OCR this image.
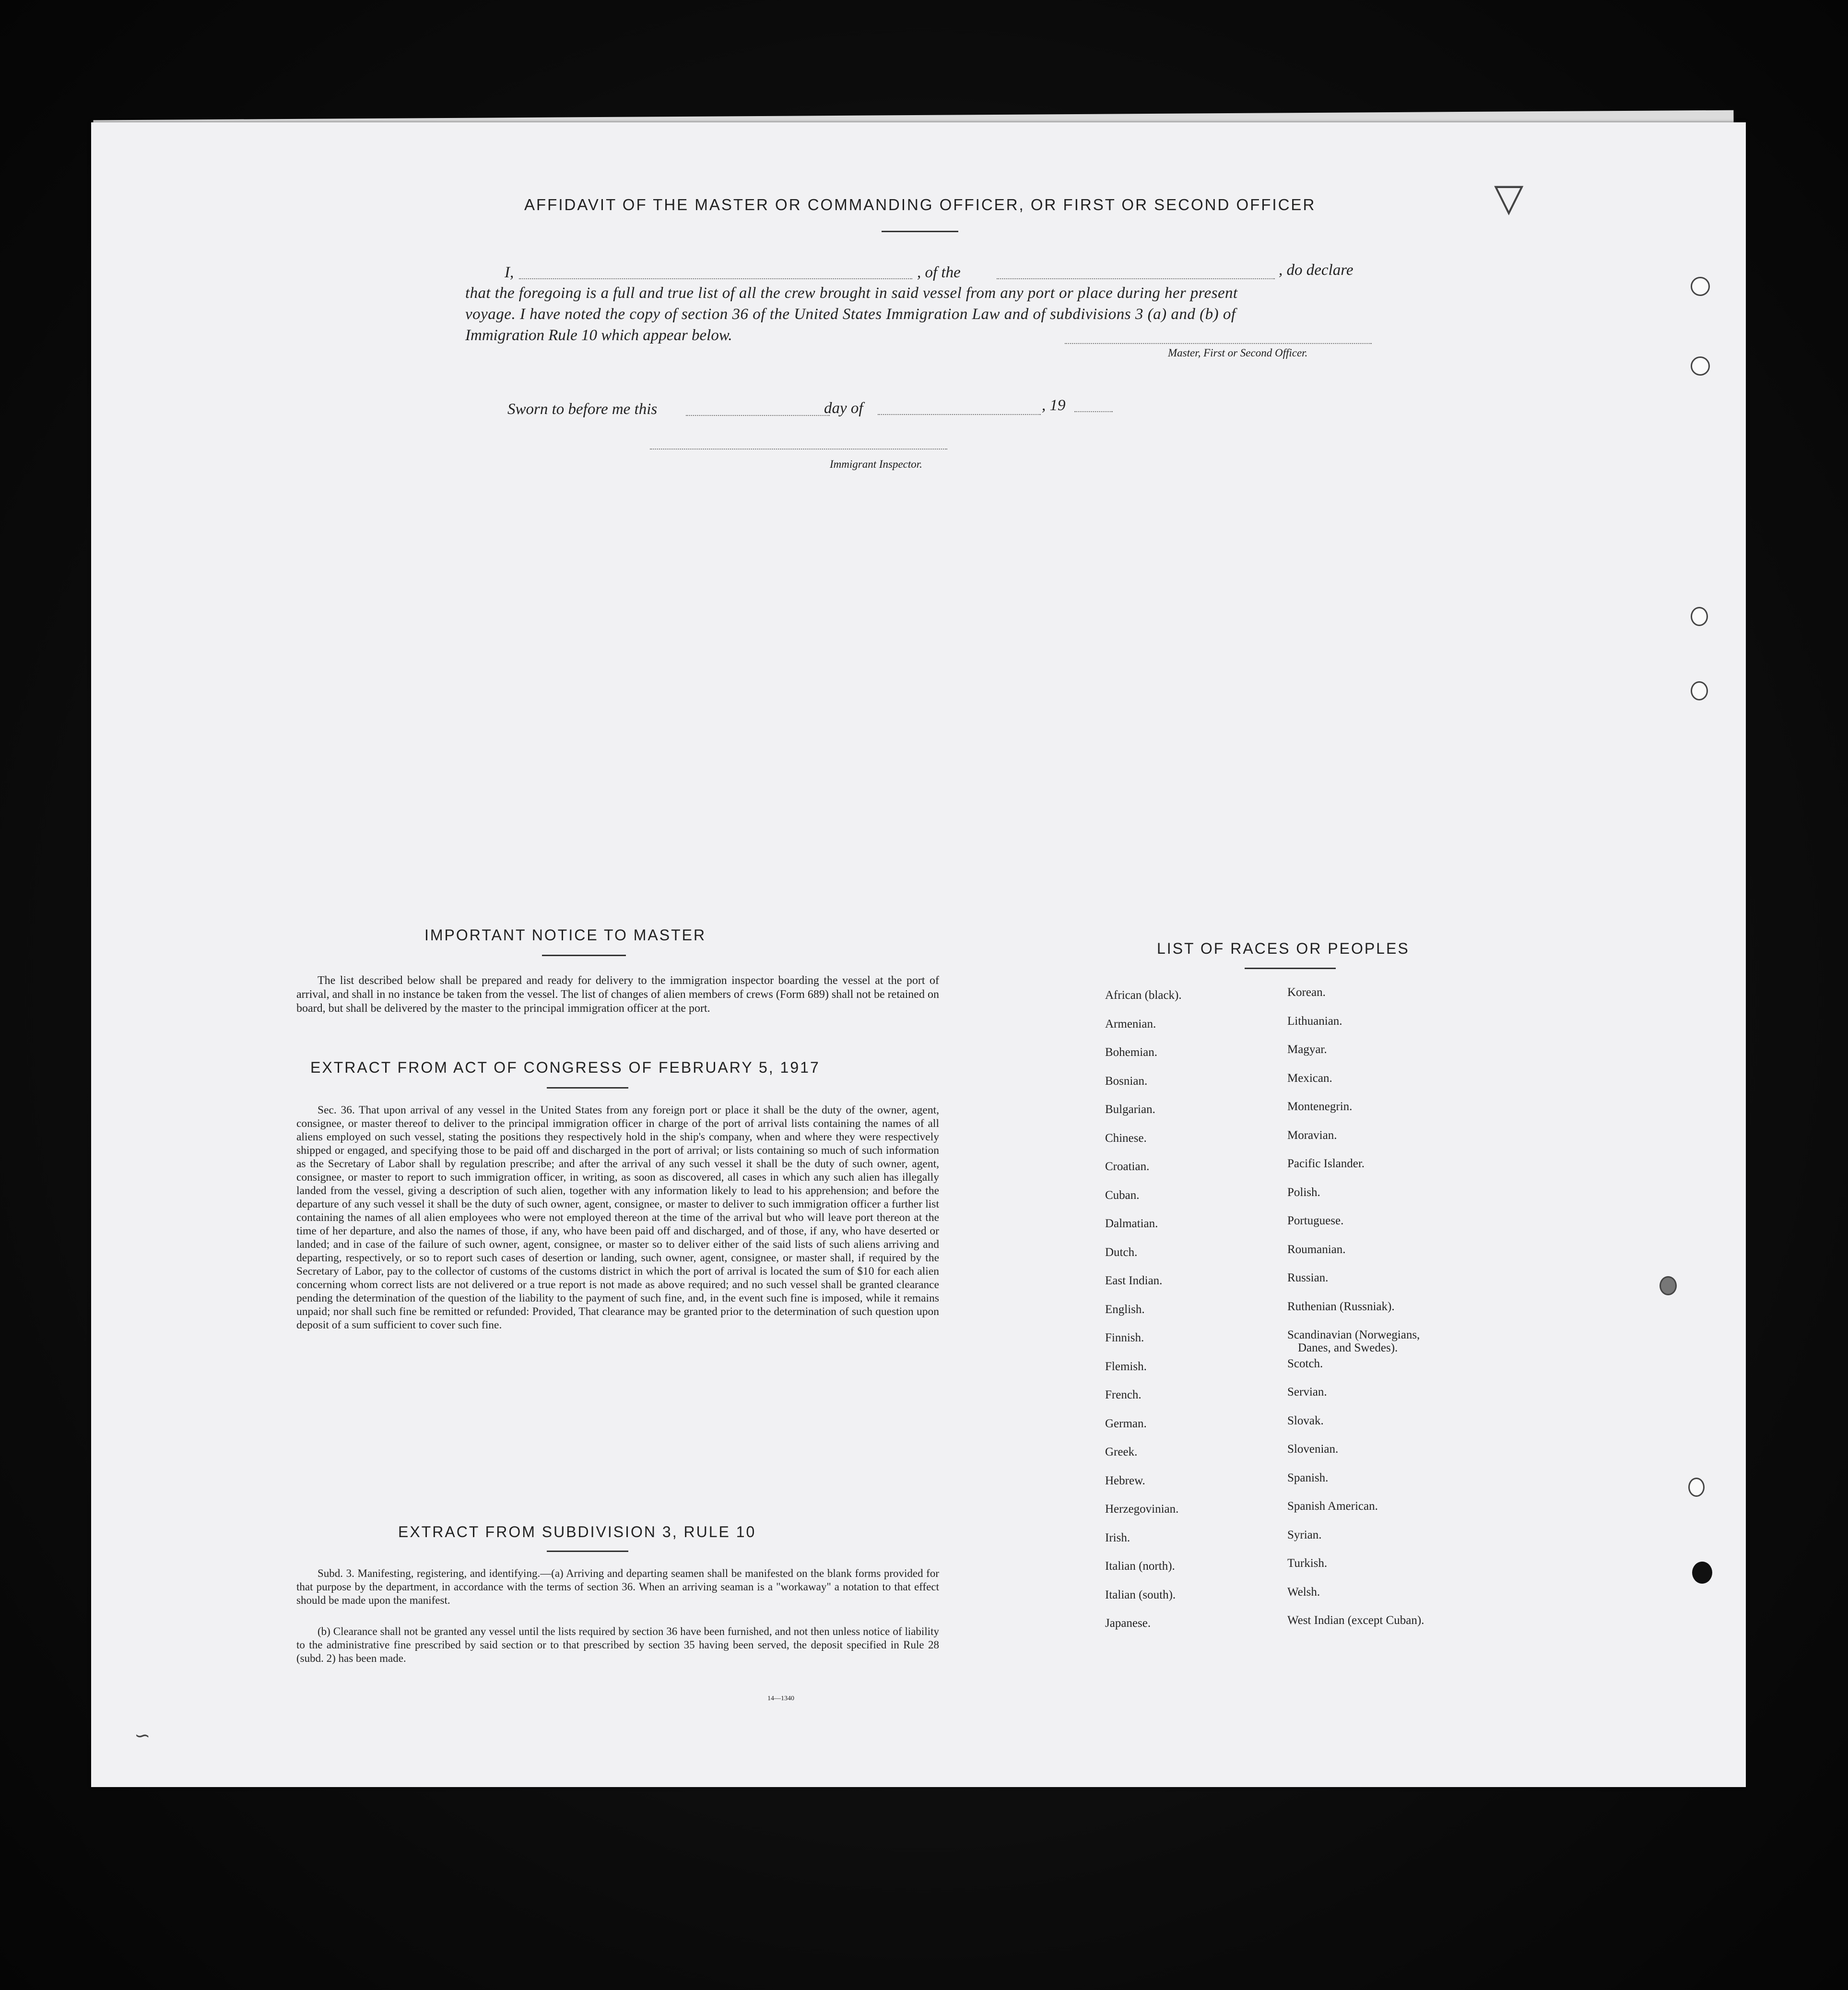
AFFIDAVIT OF THE MASTER OR COMMANDING OFFICER, OR FIRST OR SECOND OFFICER
I,	, of the	, do declare
that the foregoing is a full and true list of all the crew brought in said vessel from any port or place during her present
voyage. I have noted the copy of section 36 of the United States Immigration Law and of subdivisions 3 (a) and (b) of
Immigration Rule 10 which appear below.
Master, First or Second Officer.
Sworn to before me this	day of	, 19
Immigrant Inspector.
IMPORTANT NOTICE TO MASTER
The list described below shall be prepared and ready for delivery to the immigration inspector boarding the vessel at the port of arrival, and shall in no instance be taken from the vessel. The list of changes of alien members of crews (Form 689) shall not be retained on board, but shall be delivered by the master to the principal immigration officer at the port.
EXTRACT FROM ACT OF CONGRESS OF FEBRUARY 5, 1917
Sec. 36. That upon arrival of any vessel in the United States from any foreign port or place it shall be the duty of the owner, agent, consignee, or master thereof to deliver to the principal immigration officer in charge of the port of arrival lists containing the names of all aliens employed on such vessel, stating the positions they respectively hold in the ship's company, when and where they were respectively shipped or engaged, and specifying those to be paid off and discharged in the port of arrival; or lists containing so much of such information as the Secretary of Labor shall by regulation prescribe; and after the arrival of any such vessel it shall be the duty of such owner, agent, consignee, or master to report to such immigration officer, in writing, as soon as discovered, all cases in which any such alien has illegally landed from the vessel, giving a description of such alien, together with any information likely to lead to his apprehension; and before the departure of any such vessel it shall be the duty of such owner, agent, consignee, or master to deliver to such immigration officer a further list containing the names of all alien employees who were not employed thereon at the time of the arrival but who will leave port thereon at the time of her departure, and also the names of those, if any, who have been paid off and discharged, and of those, if any, who have deserted or landed; and in case of the failure of such owner, agent, consignee, or master so to deliver either of the said lists of such aliens arriving and departing, respectively, or so to report such cases of desertion or landing, such owner, agent, consignee, or master shall, if required by the Secretary of Labor, pay to the collector of customs of the customs district in which the port of arrival is located the sum of $10 for each alien concerning whom correct lists are not delivered or a true report is not made as above required; and no such vessel shall be granted clearance pending the determination of the question of the liability to the payment of such fine, and, in the event such fine is imposed, while it remains unpaid; nor shall such fine be remitted or refunded: Provided, That clearance may be granted prior to the determination of such question upon deposit of a sum sufficient to cover such fine.
EXTRACT FROM SUBDIVISION 3, RULE 10
Subd. 3. Manifesting, registering, and identifying.—(a) Arriving and departing seamen shall be manifested on the blank forms provided for that purpose by the department, in accordance with the terms of section 36. When an arriving seaman is a "workaway" a notation to that effect should be made upon the manifest.
(b) Clearance shall not be granted any vessel until the lists required by section 36 have been furnished, and not then unless notice of liability to the administrative fine prescribed by said section or to that prescribed by section 35 having been served, the deposit specified in Rule 28 (subd. 2) has been made.
14—1340
LIST OF RACES OR PEOPLES
African (black).
Armenian.
Bohemian.
Bosnian.
Bulgarian.
Chinese.
Croatian.
Cuban.
Dalmatian.
Dutch.
East Indian.
English.
Finnish.
Flemish.
French.
German.
Greek.
Hebrew.
Herzegovinian.
Irish.
Italian (north).
Italian (south).
Japanese.
Korean.
Lithuanian.
Magyar.
Mexican.
Montenegrin.
Moravian.
Pacific Islander.
Polish.
Portuguese.
Roumanian.
Russian.
Ruthenian (Russniak).
Scandinavian (Norwegians,
Danes, and Swedes).
Scotch.
Servian.
Slovak.
Slovenian.
Spanish.
Spanish American.
Syrian.
Turkish.
Welsh.
West Indian (except Cuban).
▽
∽
